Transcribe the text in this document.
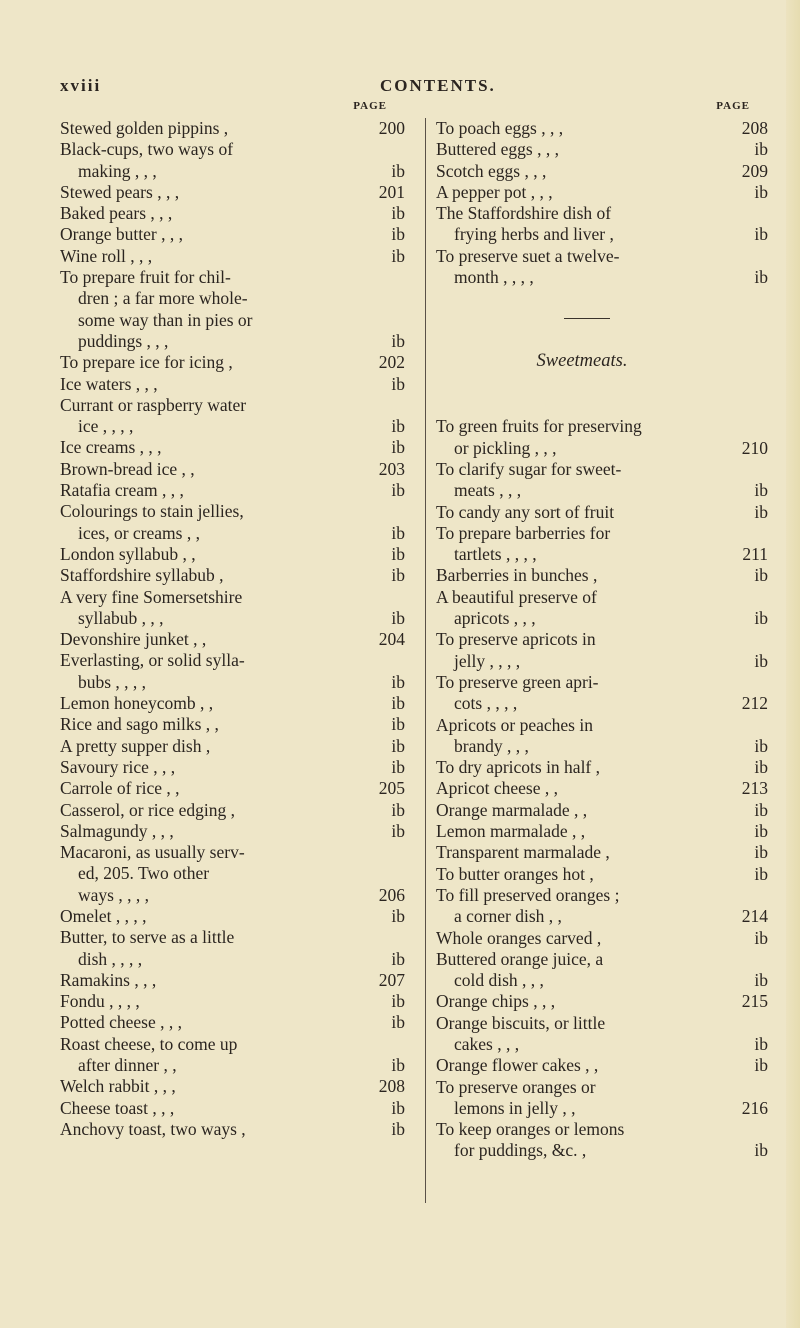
xviii	CONTENTS.
PAGE
Stewed golden pippins ,	200
Black-cups, two ways of
making , , ,	ib
Stewed pears , , ,	201
Baked pears , , ,	ib
Orange butter , , ,	ib
Wine roll , , ,	ib
To prepare fruit for chil-
dren ; a far more whole-
some way than in pies or
puddings , , ,	ib
To prepare ice for icing ,	202
Ice waters , , ,	ib
Currant or raspberry water
ice , , , ,	ib
Ice creams , , ,	ib
Brown-bread ice , ,	203
Ratafia cream , , ,	ib
Colourings to stain jellies,
ices, or creams , ,	ib
London syllabub , ,	ib
Staffordshire syllabub ,	ib
A very fine Somersetshire
syllabub , , ,	ib
Devonshire junket , ,	204
Everlasting, or solid sylla-
bubs , , , ,	ib
Lemon honeycomb , ,	ib
Rice and sago milks , ,	ib
A pretty supper dish ,	ib
Savoury rice , , ,	ib
Carrole of rice , ,	205
Casserol, or rice edging ,	ib
Salmagundy , , ,	ib
Macaroni, as usually serv-
ed, 205. Two other
ways , , , ,	206
Omelet , , , ,	ib
Butter, to serve as a little
dish , , , ,	ib
Ramakins , , ,	207
Fondu , , , ,	ib
Potted cheese , , ,	ib
Roast cheese, to come up
after dinner , ,	ib
Welch rabbit , , ,	208
Cheese toast , , ,	ib
Anchovy toast, two ways ,	ib
PAGE
To poach eggs , , ,	208
Buttered eggs , , ,	ib
Scotch eggs , , ,	209
A pepper pot , , ,	ib
The Staffordshire dish of
frying herbs and liver ,	ib
To preserve suet a twelve-
month , , , ,	ib
Sweetmeats.
To green fruits for preserving
or pickling , , ,	210
To clarify sugar for sweet-
meats , , ,	ib
To candy any sort of fruit	ib
To prepare barberries for
tartlets , , , ,	211
Barberries in bunches ,	ib
A beautiful preserve of
apricots , , ,	ib
To preserve apricots in
jelly , , , ,	ib
To preserve green apri-
cots , , , ,	212
Apricots or peaches in
brandy , , ,	ib
To dry apricots in half ,	ib
Apricot cheese , ,	213
Orange marmalade , ,	ib
Lemon marmalade , ,	ib
Transparent marmalade ,	ib
To butter oranges hot ,	ib
To fill preserved oranges ;
a corner dish , ,	214
Whole oranges carved ,	ib
Buttered orange juice, a
cold dish , , ,	ib
Orange chips , , ,	215
Orange biscuits, or little
cakes , , ,	ib
Orange flower cakes , ,	ib
To preserve oranges or
lemons in jelly , ,	216
To keep oranges or lemons
for puddings, &c. ,	ib
